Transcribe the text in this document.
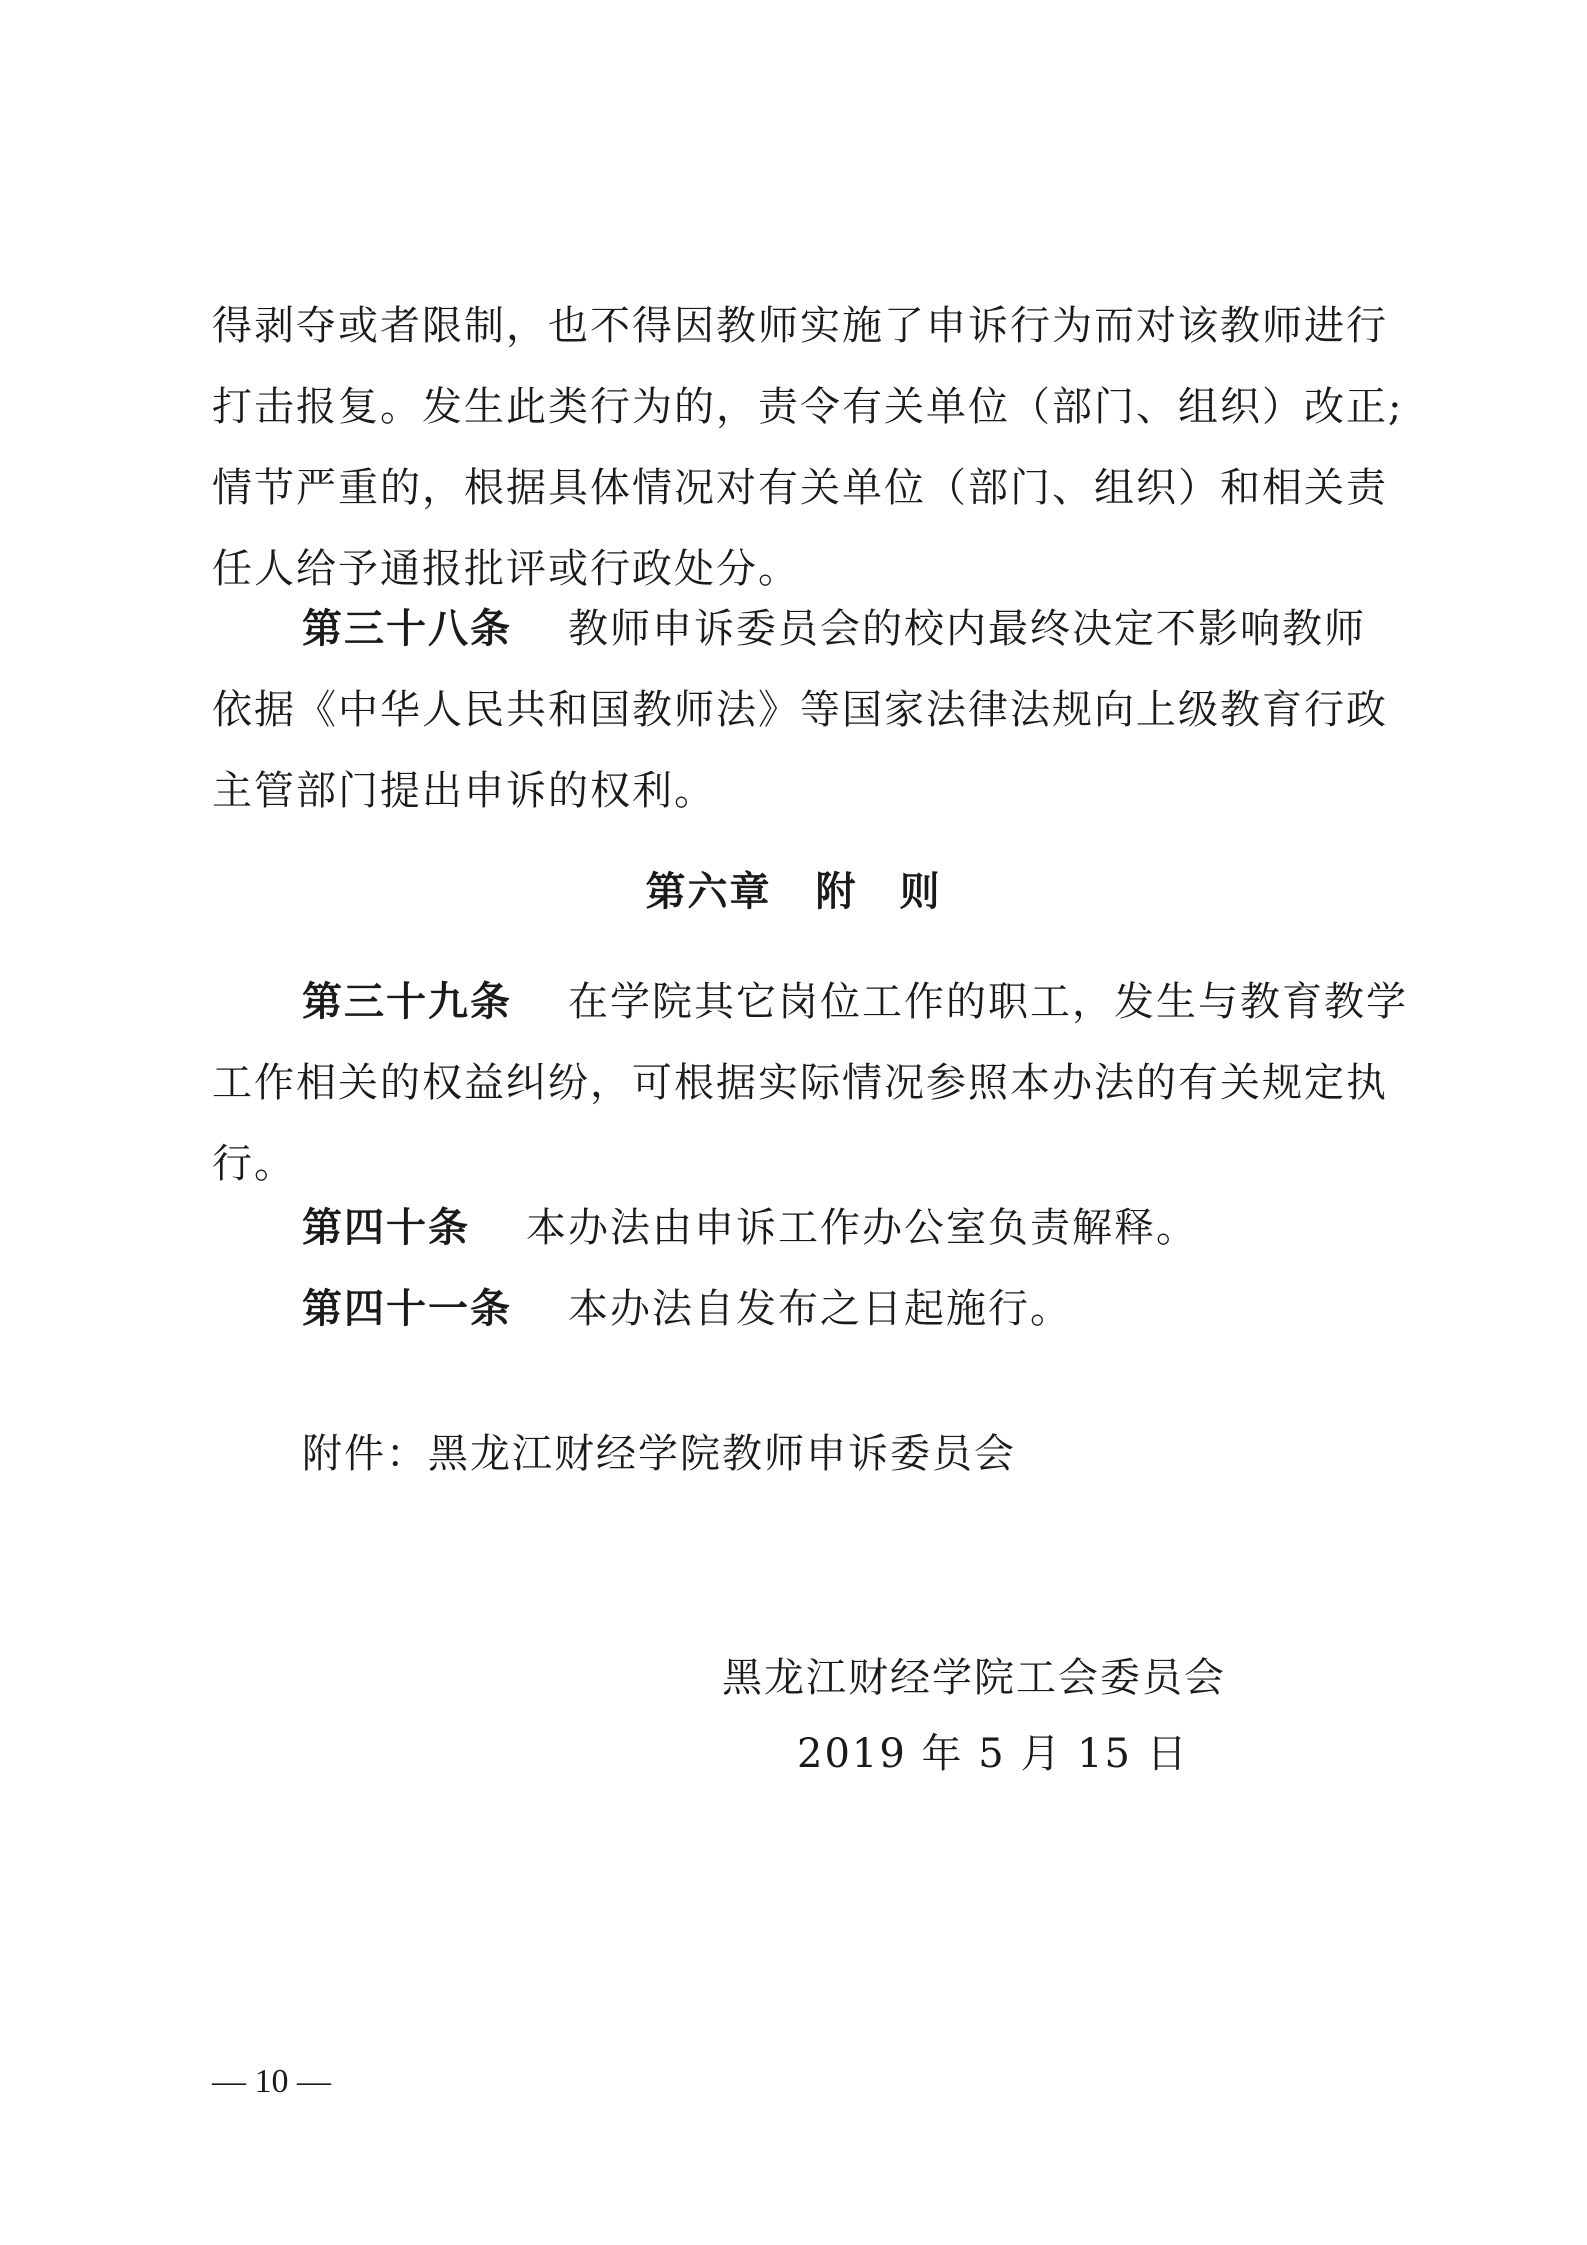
得剥夺或者限制，也不得因教师实施了申诉行为而对该教师进行
打击报复。发生此类行为的，责令有关单位（部门、组织）改正;
情节严重的，根据具体情况对有关单位（部门、组织）和相关责
任人给予通报批评或行政处分。
第三十八条 教师申诉委员会的校内最终决定不影响教师
依据《中华人民共和国教师法》等国家法律法规向上级教育行政
主管部门提出申诉的权利。
第六章 附　则
第三十九条 在学院其它岗位工作的职工，发生与教育教学
工作相关的权益纠纷，可根据实际情况参照本办法的有关规定执
行。
第四十条 本办法由申诉工作办公室负责解释。
第四十一条 本办法自发布之日起施行。
附件：黑龙江财经学院教师申诉委员会
黑龙江财经学院工会委员会
2019 年 5 月 15 日
— 10 —
